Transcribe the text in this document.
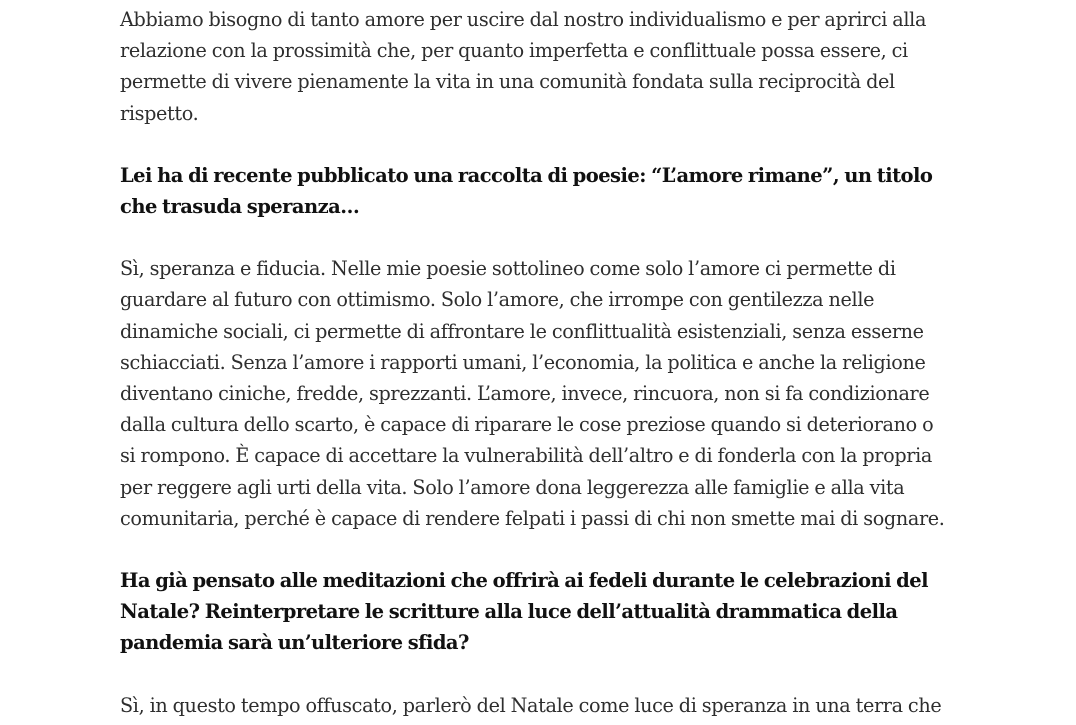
Abbiamo bisogno di tanto amore per uscire dal nostro individualismo e per aprirci alla relazione con la prossimità che, per quanto imperfetta e conflittuale possa essere, ci permette di vivere pienamente la vita in una comunità fondata sulla reciprocità del rispetto.

Lei ha di recente pubblicato una raccolta di poesie: “L’amore rimane”, un titolo che trasuda speranza…

Sì, speranza e fiducia. Nelle mie poesie sottolineo come solo l’amore ci permette di guardare al futuro con ottimismo. Solo l’amore, che irrompe con gentilezza nelle dinamiche sociali, ci permette di affrontare le conflittualità esistenziali, senza esserne schiacciati. Senza l’amore i rapporti umani, l’economia, la politica e anche la religione diventano ciniche, fredde, sprezzanti. L’amore, invece, rincuora, non si fa condizionare dalla cultura dello scarto, è capace di riparare le cose preziose quando si deteriorano o si rompono. È capace di accettare la vulnerabilità dell’altro e di fonderla con la propria per reggere agli urti della vita. Solo l’amore dona leggerezza alle famiglie e alla vita comunitaria, perché è capace di rendere felpati i passi di chi non smette mai di sognare.

Ha già pensato alle meditazioni che offrirà ai fedeli durante le celebrazioni del Natale? Reinterpretare le scritture alla luce dell’attualità drammatica della pandemia sarà un’ulteriore sfida?

Sì, in questo tempo offuscato, parlerò del Natale come luce di speranza in una terra che
